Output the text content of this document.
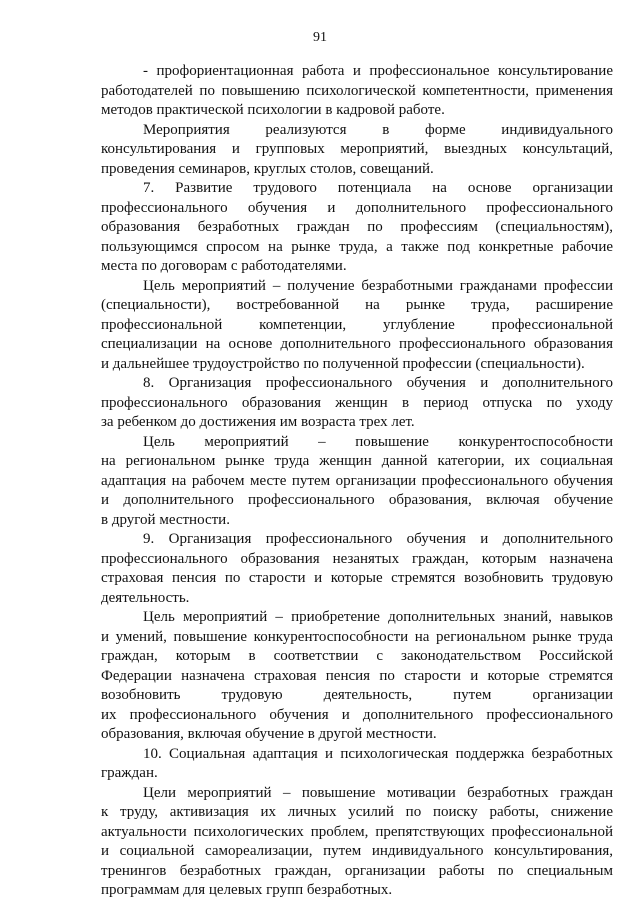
91
- профориентационная работа и профессиональное консультирование
работодателей по повышению психологической компетентности, применения
методов практической психологии в кадровой работе.
Мероприятия реализуются в форме индивидуального
консультирования и групповых мероприятий, выездных консультаций,
проведения семинаров, круглых столов, совещаний.
7. Развитие трудового потенциала на основе организации
профессионального обучения и дополнительного профессионального
образования безработных граждан по профессиям (специальностям),
пользующимся спросом на рынке труда, а также под конкретные рабочие
места по договорам с работодателями.
Цель мероприятий – получение безработными гражданами профессии
(специальности), востребованной на рынке труда, расширение
профессиональной компетенции, углубление профессиональной
специализации на основе дополнительного профессионального образования
и дальнейшее трудоустройство по полученной профессии (специальности).
8. Организация профессионального обучения и дополнительного
профессионального образования женщин в период отпуска по уходу
за ребенком до достижения им возраста трех лет.
Цель мероприятий – повышение конкурентоспособности
на региональном рынке труда женщин данной категории, их социальная
адаптация на рабочем месте путем организации профессионального обучения
и дополнительного профессионального образования, включая обучение
в другой местности.
9. Организация профессионального обучения и дополнительного
профессионального образования незанятых граждан, которым назначена
страховая пенсия по старости и которые стремятся возобновить трудовую
деятельность.
Цель мероприятий – приобретение дополнительных знаний, навыков
и умений, повышение конкурентоспособности на региональном рынке труда
граждан, которым в соответствии с законодательством Российской
Федерации назначена страховая пенсия по старости и которые стремятся
возобновить трудовую деятельность, путем организации
их профессионального обучения и дополнительного профессионального
образования, включая обучение в другой местности.
10. Социальная адаптация и психологическая поддержка безработных
граждан.
Цели мероприятий – повышение мотивации безработных граждан
к труду, активизация их личных усилий по поиску работы, снижение
актуальности психологических проблем, препятствующих профессиональной
и социальной самореализации, путем индивидуального консультирования,
тренингов безработных граждан, организации работы по специальным
программам для целевых групп безработных.
